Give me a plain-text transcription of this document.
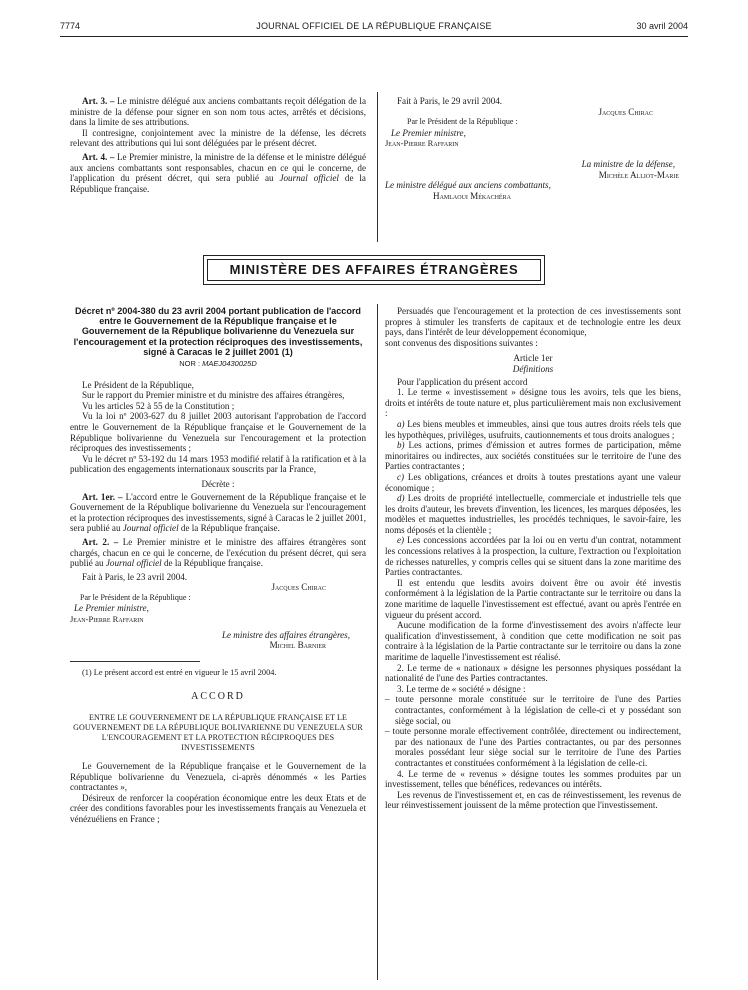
7774	JOURNAL OFFICIEL DE LA RÉPUBLIQUE FRANÇAISE	30 avril 2004

Art. 3. – Le ministre délégué aux anciens combattants reçoit délégation de la ministre de la défense pour signer en son nom tous actes, arrêtés et décisions, dans la limite de ses attributions.

Il contresigne, conjointement avec la ministre de la défense, les décrets relevant des attributions qui lui sont déléguées par le présent décret.

Art. 4. – Le Premier ministre, la ministre de la défense et le ministre délégué aux anciens combattants sont responsables, chacun en ce qui le concerne, de l'application du présent décret, qui sera publié au Journal officiel de la République française.

Fait à Paris, le 29 avril 2004.

Jacques Chirac
Par le Président de la République :
Le Premier ministre,
Jean-Pierre Raffarin
La ministre de la défense,
Michèle Alliot-Marie
Le ministre délégué aux anciens combattants,
Hamlaoui Mékachéra
MINISTÈRE DES AFFAIRES ÉTRANGÈRES
Décret nº 2004-380 du 23 avril 2004 portant publication de l'accord entre le Gouvernement de la République française et le Gouvernement de la République bolivarienne du Venezuela sur l'encouragement et la protection réciproques des investissements, signé à Caracas le 2 juillet 2001 (1)
NOR : MAEJ0430025D

Le Président de la République,

Sur le rapport du Premier ministre et du ministre des affaires étrangères,

Vu les articles 52 à 55 de la Constitution ;

Vu la loi nº 2003-627 du 8 juillet 2003 autorisant l'approbation de l'accord entre le Gouvernement de la République française et le Gouvernement de la République bolivarienne du Venezuela sur l'encouragement et la protection réciproques des investissements ;

Vu le décret nº 53-192 du 14 mars 1953 modifié relatif à la ratification et à la publication des engagements internationaux souscrits par la France,

Décrète :

Art. 1er. – L'accord entre le Gouvernement de la République française et le Gouvernement de la République bolivarienne du Venezuela sur l'encouragement et la protection réciproques des investissements, signé à Caracas le 2 juillet 2001, sera publié au Journal officiel de la République française.

Art. 2. – Le Premier ministre et le ministre des affaires étrangères sont chargés, chacun en ce qui le concerne, de l'exécution du présent décret, qui sera publié au Journal officiel de la République française.

Fait à Paris, le 23 avril 2004.

Jacques Chirac
Par le Président de la République :
Le Premier ministre,
Jean-Pierre Raffarin
Le ministre des affaires étrangères,
Michel Barnier

(1) Le présent accord est entré en vigueur le 15 avril 2004.

ACCORD
ENTRE LE GOUVERNEMENT DE LA RÉPUBLIQUE FRANÇAISE ET LE GOUVERNEMENT DE LA RÉPUBLIQUE BOLIVARIENNE DU VENEZUELA SUR L'ENCOURAGEMENT ET LA PROTECTION RÉCIPROQUES DES INVESTISSEMENTS

Le Gouvernement de la République française et le Gouvernement de la République bolivarienne du Venezuela, ci-après dénommés « les Parties contractantes »,

Désireux de renforcer la coopération économique entre les deux Etats et de créer des conditions favorables pour les investissements français au Venezuela et vénézuéliens en France ;

Persuadés que l'encouragement et la protection de ces investissements sont propres à stimuler les transferts de capitaux et de technologie entre les deux pays, dans l'intérêt de leur développement économique,

sont convenus des dispositions suivantes :

Article 1er

Définitions

Pour l'application du présent accord

1. Le terme « investissement » désigne tous les avoirs, tels que les biens, droits et intérêts de toute nature et, plus particulièrement mais non exclusivement :

a) Les biens meubles et immeubles, ainsi que tous autres droits réels tels que les hypothèques, privilèges, usufruits, cautionnements et tous droits analogues ;

b) Les actions, primes d'émission et autres formes de participation, même minoritaires ou indirectes, aux sociétés constituées sur le territoire de l'une des Parties contractantes ;

c) Les obligations, créances et droits à toutes prestations ayant une valeur économique ;

d) Les droits de propriété intellectuelle, commerciale et industrielle tels que les droits d'auteur, les brevets d'invention, les licences, les marques déposées, les modèles et maquettes industrielles, les procédés techniques, le savoir-faire, les noms déposés et la clientèle ;

e) Les concessions accordées par la loi ou en vertu d'un contrat, notamment les concessions relatives à la prospection, la culture, l'extraction ou l'exploitation de richesses naturelles, y compris celles qui se situent dans la zone maritime des Parties contractantes.

Il est entendu que lesdits avoirs doivent être ou avoir été investis conformément à la législation de la Partie contractante sur le territoire ou dans la zone maritime de laquelle l'investissement est effectué, avant ou après l'entrée en vigueur du présent accord.

Aucune modification de la forme d'investissement des avoirs n'affecte leur qualification d'investissement, à condition que cette modification ne soit pas contraire à la législation de la Partie contractante sur le territoire ou dans la zone maritime de laquelle l'investissement est réalisé.

2. Le terme de « nationaux » désigne les personnes physiques possédant la nationalité de l'une des Parties contractantes.

3. Le terme de « société » désigne :

– toute personne morale constituée sur le territoire de l'une des Parties contractantes, conformément à la législation de celle-ci et y possédant son siège social, ou
– toute personne morale effectivement contrôlée, directement ou indirectement, par des nationaux de l'une des Parties contractantes, ou par des personnes morales possédant leur siège social sur le territoire de l'une des Parties contractantes et constituées conformément à la législation de celle-ci.

4. Le terme de « revenus » désigne toutes les sommes produites par un investissement, telles que bénéfices, redevances ou intérêts.

Les revenus de l'investissement et, en cas de réinvestissement, les revenus de leur réinvestissement jouissent de la même protection que l'investissement.
